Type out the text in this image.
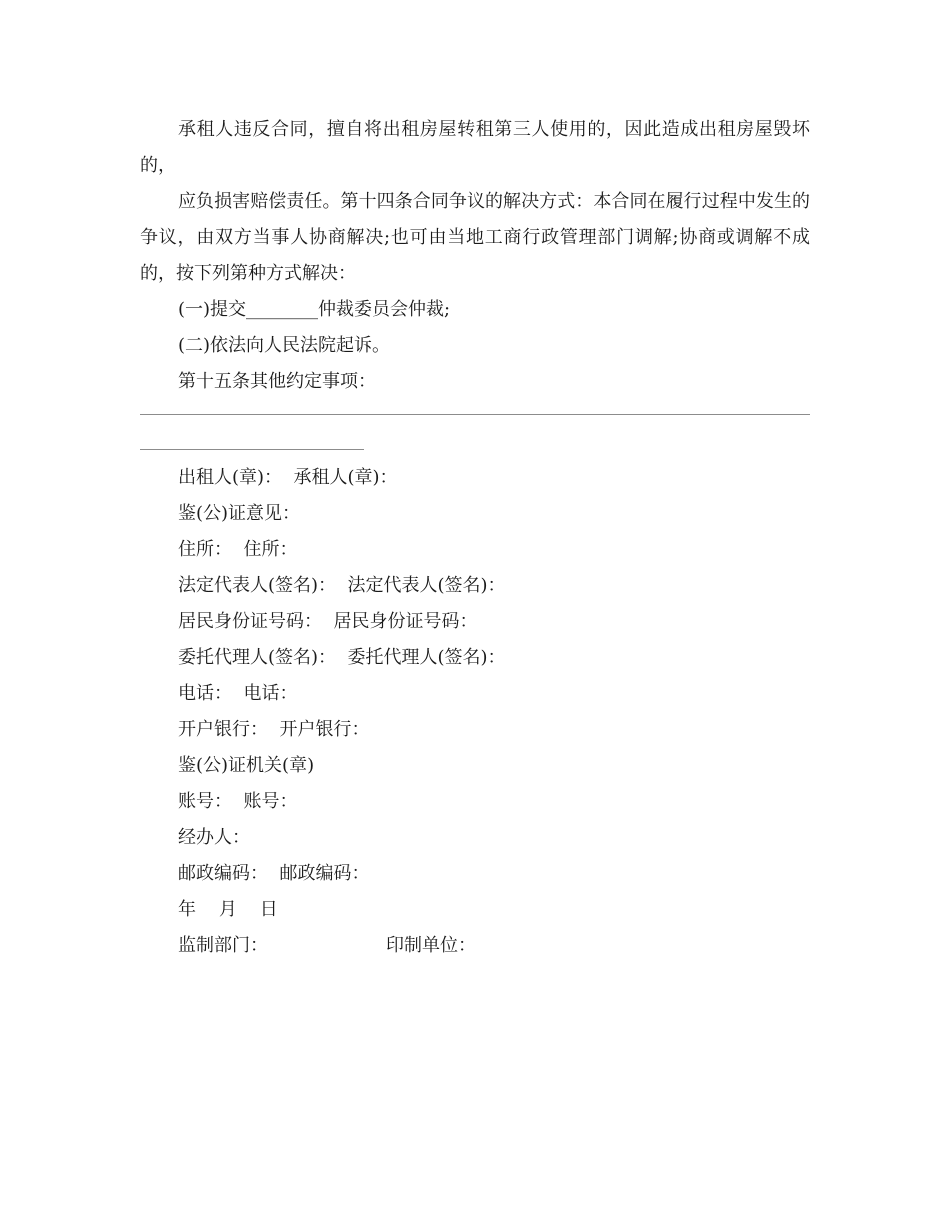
承租人违反合同，擅自将出租房屋转租第三人使用的，因此造成出租房屋毁坏的，

应负损害赔偿责任。第十四条合同争议的解决方式：本合同在履行过程中发生的争议，由双方当事人协商解决;也可由当地工商行政管理部门调解;协商或调解不成的，按下列第种方式解决：

(一)提交________仲裁委员会仲裁;

(二)依法向人民法院起诉。

第十五条其他约定事项：

出租人(章)：  承租人(章)：

鉴(公)证意见：

住所：  住所：

法定代表人(签名)：  法定代表人(签名)：

居民身份证号码：  居民身份证号码：

委托代理人(签名)：  委托代理人(签名)：

电话：  电话：

开户银行：  开户银行：

鉴(公)证机关(章)

账号：  账号：

经办人：

邮政编码：  邮政编码：

年    月    日

监制部门：	印制单位：
